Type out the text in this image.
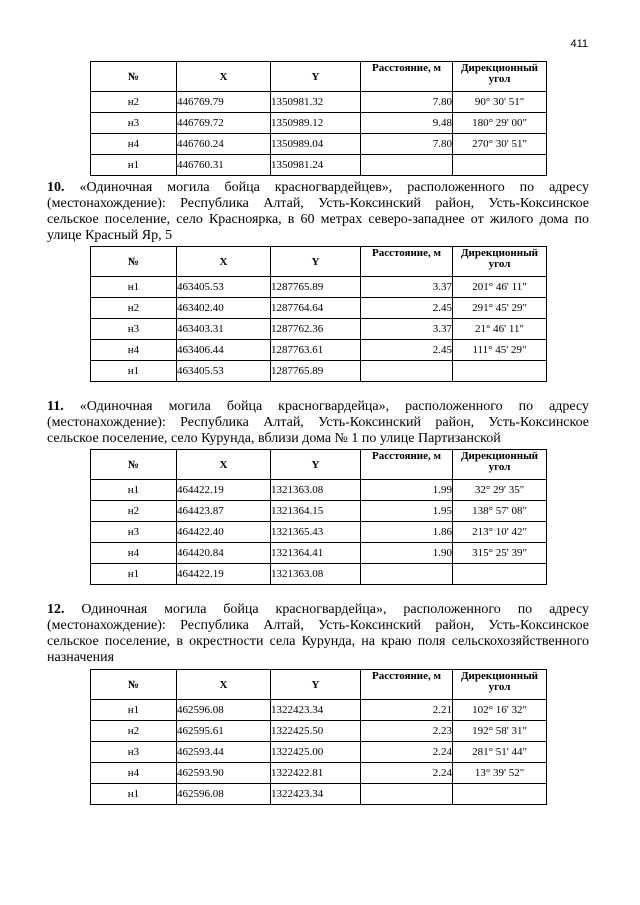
411
№	X	Y	Расстояние, м	Дирекционный угол
н2	446769.79	1350981.32	7.80	90° 30' 51"
н3	446769.72	1350989.12	9.48	180° 29' 00"
н4	446760.24	1350989.04	7.80	270° 30' 51"
н1	446760.31	1350981.24		
10. «Одиночная могила бойца красногвардейцев», расположенного по адресу (местонахождение): Республика Алтай, Усть-Коксинский район, Усть-Коксинское сельское поселение, село Красноярка, в 60 метрах северо-западнее от жилого дома по улице Красный Яр, 5
№	X	Y	Расстояние, м	Дирекционный угол
н1	463405.53	1287765.89	3.37	201° 46' 11"
н2	463402.40	1287764.64	2.45	291° 45' 29"
н3	463403.31	1287762.36	3.37	21° 46' 11"
н4	463406.44	1287763.61	2.45	111° 45' 29"
н1	463405.53	1287765.89		
11. «Одиночная могила бойца красногвардейца», расположенного по адресу (местонахождение): Республика Алтай, Усть-Коксинский район, Усть-Коксинское сельское поселение, село Курунда, вблизи дома № 1 по улице Партизанской
№	X	Y	Расстояние, м	Дирекционный угол
н1	464422.19	1321363.08	1.99	32° 29' 35"
н2	464423.87	1321364.15	1.95	138° 57' 08"
н3	464422.40	1321365.43	1.86	213° 10' 42"
н4	464420.84	1321364.41	1.90	315° 25' 39"
н1	464422.19	1321363.08		
12. Одиночная могила бойца красногвардейца», расположенного по адресу (местонахождение): Республика Алтай, Усть-Коксинский район, Усть-Коксинское сельское поселение, в окрестности села Курунда, на краю поля сельскохозяйственного назначения
№	X	Y	Расстояние, м	Дирекционный угол
н1	462596.08	1322423.34	2.21	102° 16' 32"
н2	462595.61	1322425.50	2.23	192° 58' 31"
н3	462593.44	1322425.00	2.24	281° 51' 44"
н4	462593.90	1322422.81	2.24	13° 39' 52"
н1	462596.08	1322423.34		
